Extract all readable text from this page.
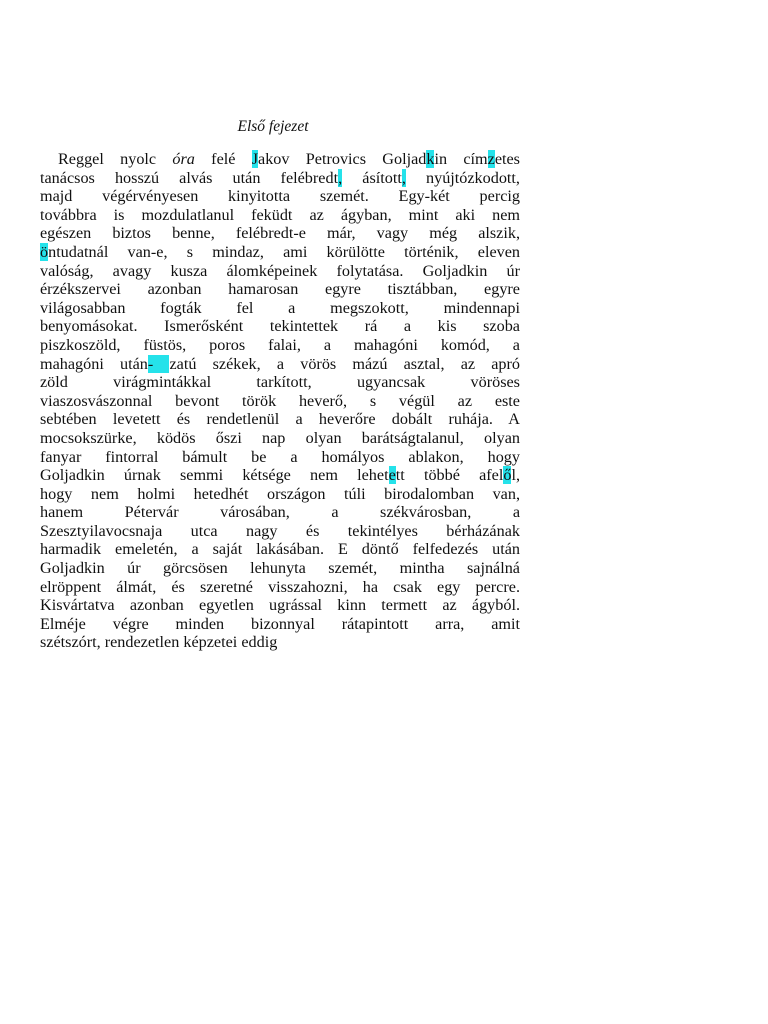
Első fejezet
Reggel nyolc óra felé Jakov Petrovics Goljadkin címzetes
tanácsos hosszú alvás után felébredt, ásított, nyújtózkodott,
majd végérvényesen kinyitotta szemét. Egy-két percig
továbbra is mozdulatlanul feküdt az ágyban, mint aki nem
egészen biztos benne, felébredt-e már, vagy még alszik,
öntudatnál van-e, s mindaz, ami körülötte történik, eleven
valóság, avagy kusza álomképeinek folytatása. Goljadkin úr
érzékszervei azonban hamarosan egyre tisztábban, egyre
világosabban fogták fel a megszokott, mindennapi
benyomásokat. Ismerősként tekintettek rá a kis szoba
piszkoszöld, füstös, poros falai, a mahagóni komód, a
mahagóni után- zatú székek, a vörös mázú asztal, az apró
zöld virágmintákkal tarkított, ugyancsak vöröses
viaszosvászonnal bevont török heverő, s végül az este
sebtében levetett és rendetlenül a heverőre dobált ruhája. A
mocsokszürke, ködös őszi nap olyan barátságtalanul, olyan
fanyar fintorral bámult be a homályos ablakon, hogy
Goljadkin úrnak semmi kétsége nem lehetett többé afelől,
hogy nem holmi hetedhét országon túli birodalomban van,
hanem Pétervár városában, a székvárosban, a
Szesztyilavocsnaja utca nagy és tekintélyes bérházának
harmadik emeletén, a saját lakásában. E döntő felfedezés után
Goljadkin úr görcsösen lehunyta szemét, mintha sajnálná
elröppent álmát, és szeretné visszahozni, ha csak egy percre.
Kisvártatva azonban egyetlen ugrással kinn termett az ágyból.
Elméje végre minden bizonnyal rátapintott arra, amit
szétszórt, rendezetlen képzetei eddig
